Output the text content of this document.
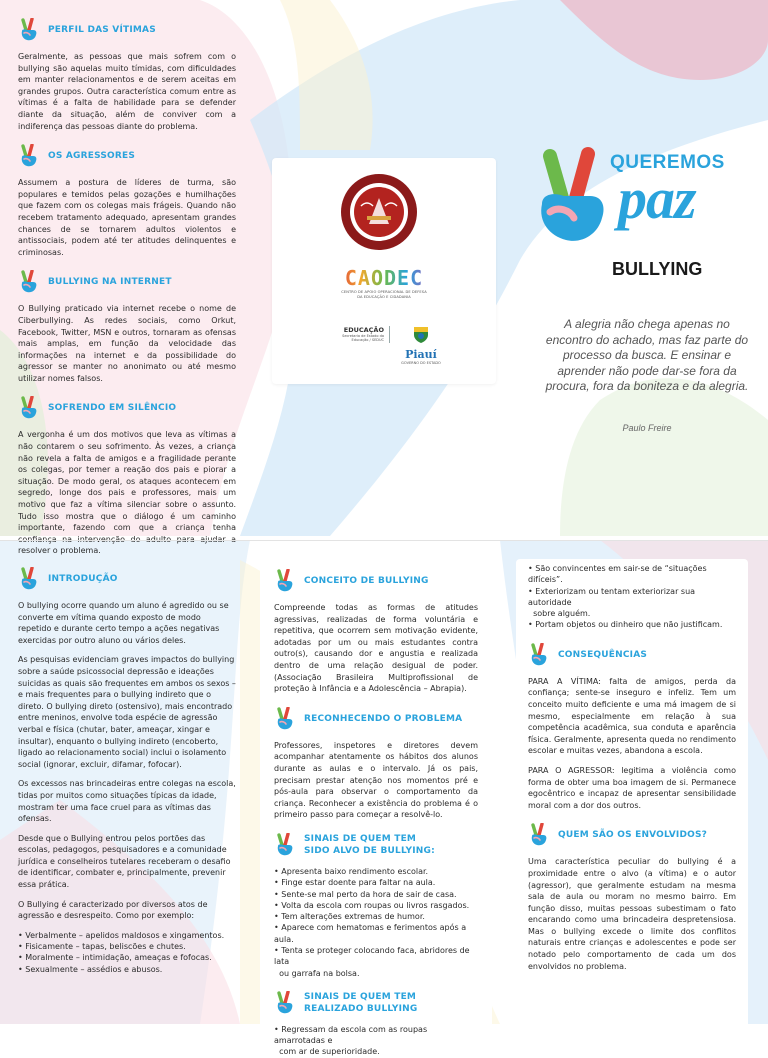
PERFIL DAS VÍTIMAS
Geralmente, as pessoas que mais sofrem com o bullying são aquelas muito tímidas, com dificuldades em manter relacionamentos e de serem aceitas em grandes grupos. Outra característica comum entre as vítimas é a falta de habilidade para se defender diante da situação, além de conviver com a indiferença das pessoas diante do problema.
OS AGRESSORES
Assumem a postura de líderes de turma, são populares e temidos pelas gozações e humilhações que fazem com os colegas mais frágeis. Quando não recebem tratamento adequado, apresentam grandes chances de se tornarem adultos violentos e antissociais, podem até ter atitudes delinquentes e criminosas.
BULLYING NA INTERNET
O Bullying praticado via internet recebe o nome de Ciberbullying. As redes sociais, como Orkut, Facebook, Twitter, MSN e outros, tornaram as ofensas mais amplas, em função da velocidade das informações na internet e da possibilidade do agressor se manter no anonimato ou até mesmo utilizar nomes falsos.
SOFRENDO EM SILÊNCIO
A vergonha é um dos motivos que leva as vítimas a não contarem o seu sofrimento. Às vezes, a criança não revela a falta de amigos e a fragilidade perante os colegas, por temer a reação dos pais e piorar a situação. De modo geral, os ataques acontecem em segredo, longe dos pais e professores, mais um motivo que faz a vítima silenciar sobre o assunto. Tudo isso mostra que o diálogo é um caminho importante, fazendo com que a criança tenha confiança na intervenção do adulto para ajudar a resolver o problema.
CAODEC
CENTRO DE APOIO OPERACIONAL DE DEFESA DA EDUCAÇÃO E CIDADANIA
EDUCAÇÃO
Secretaria de Estado da Educação / SEDUC
Piauí
GOVERNO DO ESTADO
QUEREMOS
paz
BULLYING
A alegria não chega apenas no encontro do achado, mas faz parte do processo da busca. E ensinar e aprender não pode dar-se fora da procura, fora da boniteza e da alegria.
Paulo Freire
INTRODUÇÃO

O bullying ocorre quando um aluno é agredido ou se converte em vítima quando exposto de modo repetido e durante certo tempo a ações negativas exercidas por outro aluno ou vários deles.

As pesquisas evidenciam graves impactos do bullying sobre a saúde psicossocial depressão e ideações suicidas as quais são frequentes em ambos os sexos – e mais frequentes para o bullying indireto que o direto. O bullying direto (ostensivo), mais encontrado entre meninos, envolve toda espécie de agressão verbal e física (chutar, bater, ameaçar, xingar e insultar), enquanto o bullying indireto (encoberto, ligado ao relacionamento social) inclui o isolamento social (ignorar, excluir, difamar, fofocar).

Os excessos nas brincadeiras entre colegas na escola, tidas por muitos como situações típicas da idade, mostram ter uma face cruel para as vítimas das ofensas.

Desde que o Bullying entrou pelos portões das escolas, pedagogos, pesquisadores e a comunidade jurídica e conselheiros tutelares receberam o desafio de identificar, combater e, principalmente, prevenir essa prática.

O Bullying é caracterizado por diversos atos de agressão e desrespeito. Como por exemplo:

• Verbalmente – apelidos maldosos e xingamentos.
• Fisicamente – tapas, beliscões e chutes.
• Moralmente – intimidação, ameaças e fofocas.
• Sexualmente – assédios e abusos.
CONCEITO DE BULLYING
Compreende todas as formas de atitudes agressivas, realizadas de forma voluntária e repetitiva, que ocorrem sem motivação evidente, adotadas por um ou mais estudantes contra outro(s), causando dor e angustia e realizada dentro de uma relação desigual de poder. (Associação Brasileira Multiprofissional de proteção à Infância e a Adolescência – Abrapia).
RECONHECENDO O PROBLEMA
Professores, inspetores e diretores devem acompanhar atentamente os hábitos dos alunos durante as aulas e o intervalo. Já os pais, precisam prestar atenção nos momentos pré e pós-aula para observar o comportamento da criança. Reconhecer a existência do problema é o primeiro passo para começar a resolvê-lo.
SINAIS DE QUEM TEM
SIDO ALVO DE BULLYING:
• Apresenta baixo rendimento escolar.
• Finge estar doente para faltar na aula.
• Sente-se mal perto da hora de sair de casa.
• Volta da escola com roupas ou livros rasgados.
• Tem alterações extremas de humor.
• Aparece com hematomas e ferimentos após a aula.
• Tenta se proteger colocando faca, abridores de lata
ou garrafa na bolsa.
SINAIS DE QUEM TEM
REALIZADO BULLYING
• Regressam da escola com as roupas amarrotadas e
com ar de superioridade.
• São convincentes em sair-se de “situações difíceis”.
• Exteriorizam ou tentam exteriorizar sua autoridade
sobre alguém.
• Portam objetos ou dinheiro que não justificam.
CONSEQUÊNCIAS

PARA A VÍTIMA: falta de amigos, perda da confiança; sente-se inseguro e infeliz. Tem um conceito muito deficiente e uma má imagem de si mesmo, especialmente em relação à sua competência acadêmica, sua conduta e aparência física. Geralmente, apresenta queda no rendimento escolar e muitas vezes, abandona a escola.

PARA O AGRESSOR: legitima a violência como forma de obter uma boa imagem de si. Permanece egocêntrico e incapaz de apresentar sensibilidade moral com a dor dos outros.

QUEM SÃO OS ENVOLVIDOS?
Uma característica peculiar do bullying é a proximidade entre o alvo (a vítima) e o autor (agressor), que geralmente estudam na mesma sala de aula ou moram no mesmo bairro. Em função disso, muitas pessoas subestimam o fato encarando como uma brincadeira despretensiosa. Mas o bullying excede o limite dos conflitos naturais entre crianças e adolescentes e pode ser notado pelo comportamento de cada um dos envolvidos no problema.
